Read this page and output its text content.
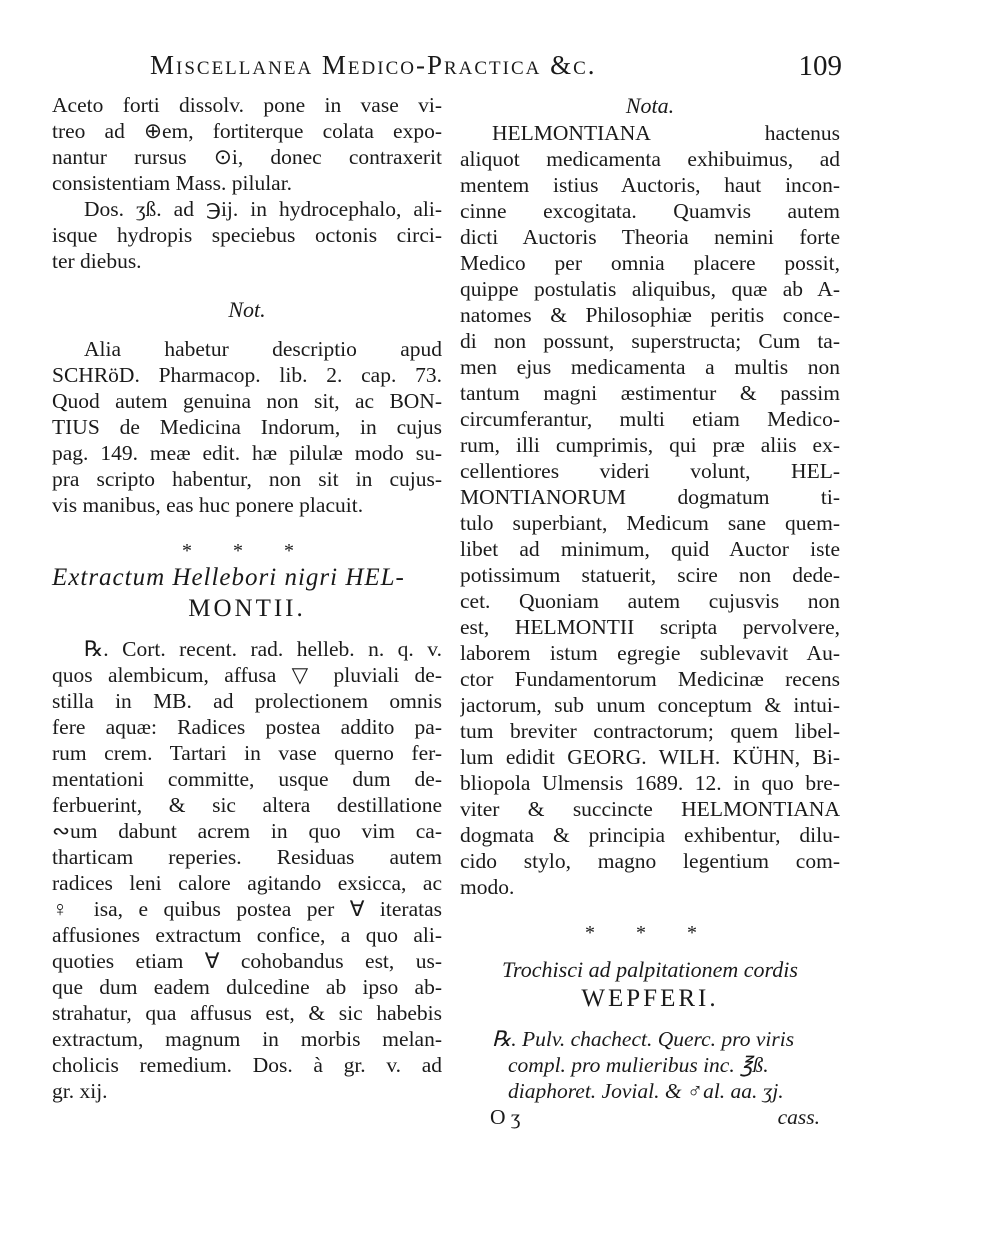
Miscellanea Medico-Practica &c.	109
Aceto forti dissolv. pone in vase vi-
treo ad ⊕em, fortiterque colata expo-
nantur rursus ⊙i, donec contraxerit
consistentiam Mass. pilular.
Dos. ʒß. ad ℈ij. in hydrocephalo, ali-
isque hydropis speciebus octonis circi-
ter diebus.
Not.
Alia habetur descriptio apud
SCHRöD. Pharmacop. lib. 2. cap. 73.
Quod autem genuina non sit, ac BON-
TIUS de Medicina Indorum, in cujus
pag. 149. meæ edit. hæ pilulæ modo su-
pra scripto habentur, non sit in cujus-
vis manibus, eas huc ponere placuit.
* * *
Extractum Hellebori nigri HEL-
MONTII.
℞. Cort. recent. rad. helleb. n. q. v.
quos alembicum, affusa ▽ pluviali de-
stilla in MB. ad prolectionem omnis
fere aquæ: Radices postea addito pa-
rum crem. Tartari in vase querno fer-
mentationi committe, usque dum de-
ferbuerint, & sic altera destillatione
∾um dabunt acrem in quo vim ca-
tharticam reperies. Residuas autem
radices leni calore agitando exsicca, ac
♀ isa, e quibus postea per ∀ iteratas
affusiones extractum confice, a quo ali-
quoties etiam ∀ cohobandus est, us-
que dum eadem dulcedine ab ipso ab-
strahatur, qua affusus est, & sic habebis
extractum, magnum in morbis melan-
cholicis remedium. Dos. à gr. v. ad
gr. xij.
Nota.
HELMONTIANA hactenus
aliquot medicamenta exhibuimus, ad
mentem istius Auctoris, haut incon-
cinne excogitata. Quamvis autem
dicti Auctoris Theoria nemini forte
Medico per omnia placere possit,
quippe postulatis aliquibus, quæ ab A-
natomes & Philosophiæ peritis conce-
di non possunt, superstructa; Cum ta-
men ejus medicamenta a multis non
tantum magni æstimentur & passim
circumferantur, multi etiam Medico-
rum, illi cumprimis, qui præ aliis ex-
cellentiores videri volunt, HEL-
MONTIANORUM dogmatum ti-
tulo superbiant, Medicum sane quem-
libet ad minimum, quid Auctor iste
potissimum statuerit, scire non dede-
cet. Quoniam autem cujusvis non
est, HELMONTII scripta pervolvere,
laborem istum egregie sublevavit Au-
ctor Fundamentorum Medicinæ recens
jactorum, sub unum conceptum & intui-
tum breviter contractorum; quem libel-
lum edidit GEORG. WILH. KÜHN, Bi-
bliopola Ulmensis 1689. 12. in quo bre-
viter & succincte HELMONTIANA
dogmata & principia exhibentur, dilu-
cido stylo, magno legentium com-
modo.
* * *
Trochisci ad palpitationem cordis
WEPFERI.
℞. Pulv. chachect. Querc. pro viris
compl. pro mulieribus inc. ℥ß.
diaphoret. Jovial. & ♂al. aa. ʒj.
O ʒ	cass.
